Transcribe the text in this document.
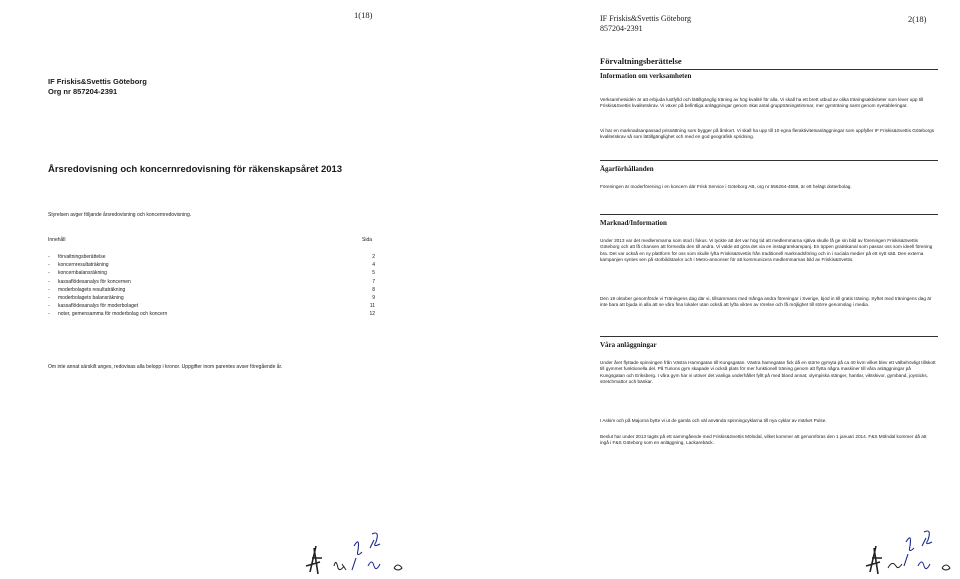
1(18)
IF Friskis&Svettis Göteborg
Org nr 857204-2391
Årsredovisning och koncernredovisning för räkenskapsåret 2013
Styrelsen avger följande årsredovisning och koncernredovisning.
Innehåll	Sida
-	förvaltningsberättelse	2
-	koncernresultaträkning	4
-	koncernbalansräkning	5
-	kassaflödesanalys för koncernen	7
-	moderbolagets resultaträkning	8
-	moderbolagets balansräkning	9
-	kassaflödesanalys för moderbolaget	11
-	noter, gemensamma för moderbolag och koncern	12
Om inte annat särskilt anges, redovisas alla belopp i kronor. Uppgifter inom parentes avser föregående år.
IF Friskis&Svettis Göteborg
857204-2391
2(18)
Förvaltningsberättelse
Information om verksamheten
Verksamhetsidén är att erbjuda lustfylld och lättillgänglig träning av hög kvalité för alla. Vi skall ha ett brett utbud av olika träningsaktiviteter som lever upp till Friskis&Svettis kvalitetskrav. Vi växer på befintliga anläggningar genom ökat antal gruppträningstimmar, mer gymträning samt genom nyetableringar.
Vi har en marknadsanpassad prissättning som bygger på årskort. Vi skall ha upp till 10 egna fleraktivitetsanläggningar som uppfyller IF Friskis&Svettis Göteborgs kvalitetskrav så som lättillgänglighet och med en god geografisk spridning.
Ägarförhållanden
Föreningen är moderförening i en koncern där Frisk Service i Göteborg AB, org nr 556264-4558, är ett helägt dotterbolag.
Marknad/Information
Under 2013 var det medlemmarna som stod i fokus. Vi tyckte att det var hög tid att medlemmarna själva skulle få ge sin bild av föreningen Friskis&Svettis Göteborg och att få chansen att förmedla den till andra. Vi valde att göra det via en instagramkampanj. En öppen gratiskanal som passar oss som ideell förening bra. Det var också en ny plattform för oss som skulle lyfta Friskis&Svettis från traditionell marknadsföring och in i sociala medier på ett nytt sätt. Den externa kampanjen syntes sen på storbildstavlor och i Metro-annonser för att kommunicera medlemmarnas bild av Friskis&Svettis.
Den 19 oktober genomförde vi Träningens dag där vi, tillsammans med många andra föreningar i Sverige, bjöd in till gratis träning. Syftet med träningens dag är inte bara att bjuda in alla att se våra fina lokaler utan också att lyfta vikten av rörelse och få möjlighet till större genomslag i media.
Våra anläggningar
Under året flyttade spinningen från Västra Hamngatan till Kungsgatan. Västra hamngatan fick då en större gymyta på ca 40 kvm vilket blev ett välbehövligt tillskott till gymmet funktionella del. På Turions gym skapade vi också plats för mer funktionell träning genom att flytta några maskiner till våra anläggningar på Kungsgatan och Eriksberg. I våra gym har vi utöver det vanliga underhållet fyllt på med bland annat; olympiska stänger, hantlar, viktskivor, gymband, joysticks, stretchmattor och bänkar.
I Askim och på Majorna bytte vi ut de gamla och väl använda spinningcyklarna till nya cyklar av märket Pulse.
Beslut har under 2013 tagits på ett sammgående med Friskis&Svettis Mölndal, vilket kommer att genomföras den 1 januari 2014. F&S Mölndal kommer då att ingå i F&S Göteborg som en anläggning, Lackarebäck.
